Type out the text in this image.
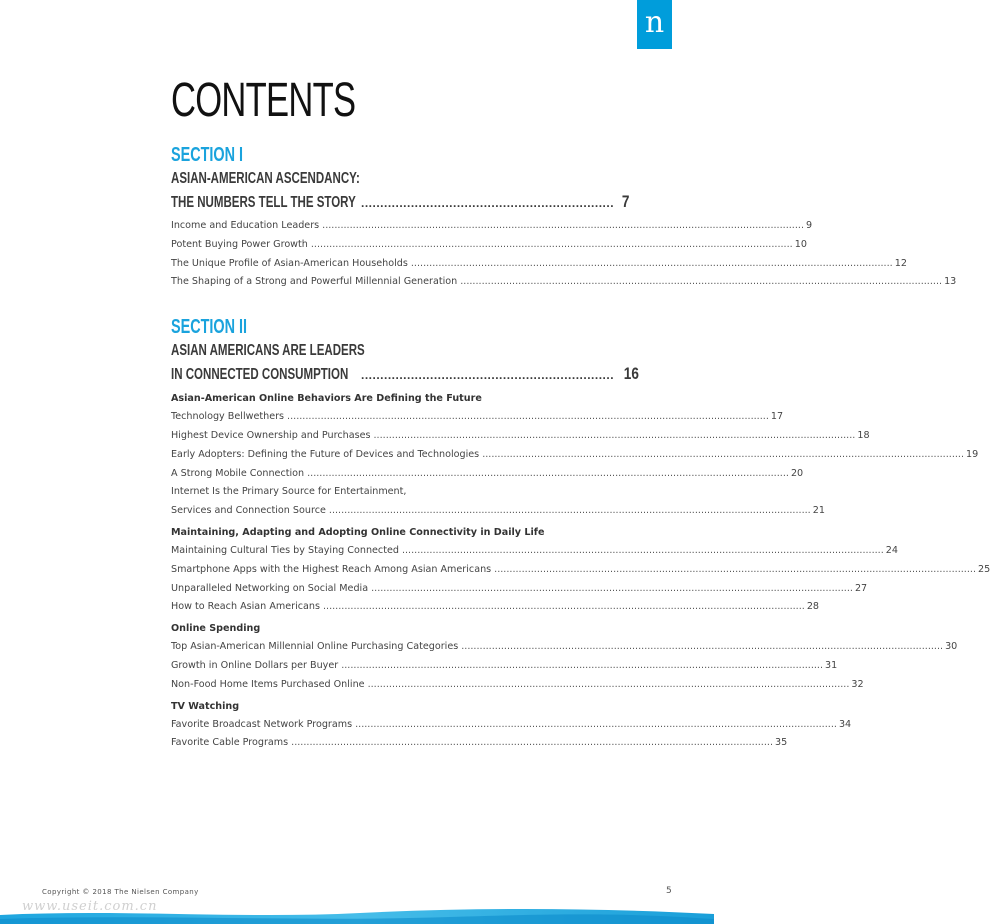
n
CONTENTS
SECTION I
ASIAN-AMERICAN ASCENDANCY:
THE NUMBERS TELL THE STORY .................................................................. 7
Income and Education Leaders .............................................................................................................................................................. 9
Potent Buying Power Growth .............................................................................................................................................................. 10
The Unique Profile of Asian-American Households .............................................................................................................................................................. 12
The Shaping of a Strong and Powerful Millennial Generation .............................................................................................................................................................. 13
SECTION II
ASIAN AMERICANS ARE LEADERS
IN CONNECTED CONSUMPTION .................................................................. 16
Asian-American Online Behaviors Are Defining the Future
Technology Bellwethers .............................................................................................................................................................. 17
Highest Device Ownership and Purchases .............................................................................................................................................................. 18
Early Adopters: Defining the Future of Devices and Technologies .............................................................................................................................................................. 19
A Strong Mobile Connection .............................................................................................................................................................. 20
Internet Is the Primary Source for Entertainment,
Services and Connection Source .............................................................................................................................................................. 21
Maintaining, Adapting and Adopting Online Connectivity in Daily Life
Maintaining Cultural Ties by Staying Connected .............................................................................................................................................................. 24
Smartphone Apps with the Highest Reach Among Asian Americans .............................................................................................................................................................. 25
Unparalleled Networking on Social Media .............................................................................................................................................................. 27
How to Reach Asian Americans .............................................................................................................................................................. 28
Online Spending
Top Asian-American Millennial Online Purchasing Categories .............................................................................................................................................................. 30
Growth in Online Dollars per Buyer .............................................................................................................................................................. 31
Non-Food Home Items Purchased Online .............................................................................................................................................................. 32
TV Watching
Favorite Broadcast Network Programs .............................................................................................................................................................. 34
Favorite Cable Programs .............................................................................................................................................................. 35
Copyright © 2018 The Nielsen Company	5
www.useit.com.cn
